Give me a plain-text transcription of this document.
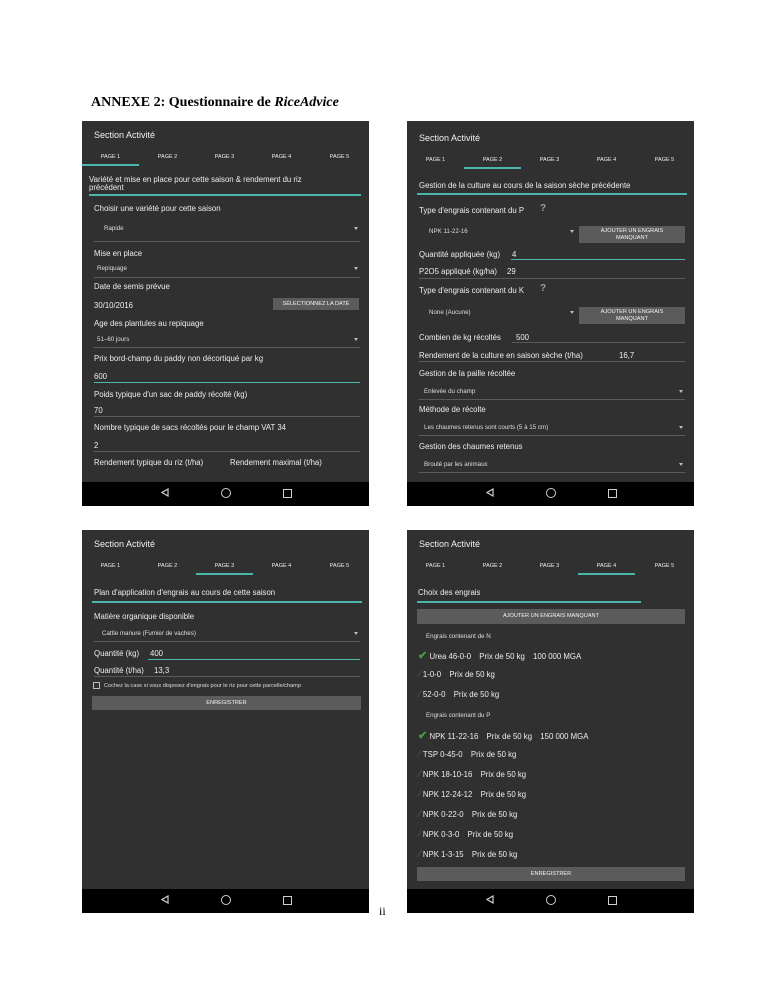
ANNEXE 2: Questionnaire de RiceAdvice
Section Activité
PAGE 1	PAGE 2	PAGE 3	PAGE 4	PAGE 5
Variété et mise en place pour cette saison & rendement du riz
précédent
Choisir une variété pour cette saison
Rapide
Mise en place
Repiquage
Date de semis prévue
30/10/2016	SÉLECTIONNEZ LA DATE
Age des plantules au repiquage
51–60 jours
Prix bord-champ du paddy non décortiqué par kg
600
Poids typique d'un sac de paddy récolté (kg)
70
Nombre typique de sacs récoltés pour le champ VAT 34
2
Rendement typique du riz (t/ha)	Rendement maximal (t/ha)
Section Activité
PAGE 1	PAGE 2	PAGE 3	PAGE 4	PAGE 5
Gestion de la culture au cours de la saison sèche précédente
Type d'engrais contenant du P ?
NPK 11-22-16	AJOUTER UN ENGRAIS
MANQUANT
Quantité appliquée (kg) 4
P2O5 appliqué (kg/ha) 29
Type d'engrais contenant du K ?
None (Aucune)	AJOUTER UN ENGRAIS
MANQUANT
Combien de kg récoltés 500
Rendement de la culture en saison sèche (t/ha)	16,7
Gestion de la paille récoltée
Enlevée du champ
Méthode de récolte
Les chaumes retenus sont courts (5 à 15 cm)
Gestion des chaumes retenus
Brouté par les animaux
Section Activité
PAGE 1	PAGE 2	PAGE 3	PAGE 4	PAGE 5
Plan d'application d'engrais au cours de cette saison
Matière organique disponible
Cattle manure (Fumier de vaches)
Quantité (kg) 400
Quantité (t/ha) 13,3
Cochez la case si vous disposez d'engrais pour le riz pour cette parcelle/champ
ENREGISTRER
Section Activité
PAGE 1	PAGE 2	PAGE 3	PAGE 4	PAGE 5
Choix des engrais
AJOUTER UN ENGRAIS MANQUANT
Engrais contenant de N
✔ Urea 46-0-0 Prix de 50 kg 100 000 MGA
⁄ 1-0-0 Prix de 50 kg
⁄ 52-0-0 Prix de 50 kg
Engrais contenant du P
✔ NPK 11-22-16 Prix de 50 kg 150 000 MGA
⁄ TSP 0-45-0 Prix de 50 kg
⁄ NPK 18-10-16 Prix de 50 kg
⁄ NPK 12-24-12 Prix de 50 kg
⁄ NPK 0-22-0 Prix de 50 kg
⁄ NPK 0-3-0 Prix de 50 kg
⁄ NPK 1-3-15 Prix de 50 kg
ENREGISTRER
ii
